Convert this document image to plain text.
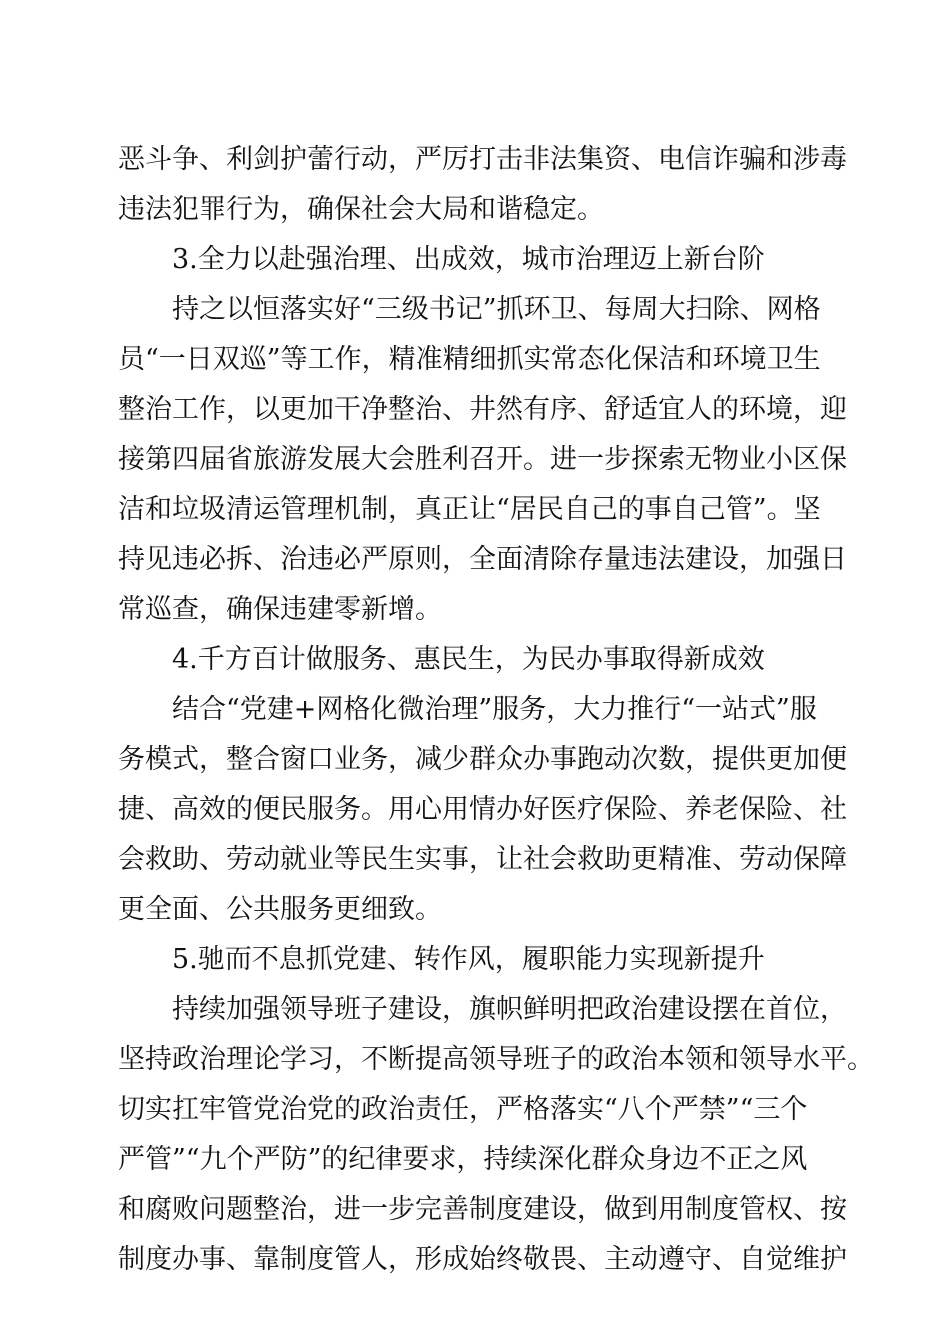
恶斗争、利剑护蕾行动，严厉打击非法集资、电信诈骗和涉毒
违法犯罪行为，确保社会大局和谐稳定。
3.全力以赴强治理、出成效，城市治理迈上新台阶
持之以恒落实好“三级书记”抓环卫、每周大扫除、网格
员“一日双巡”等工作，精准精细抓实常态化保洁和环境卫生
整治工作，以更加干净整治、井然有序、舒适宜人的环境，迎
接第四届省旅游发展大会胜利召开。进一步探索无物业小区保
洁和垃圾清运管理机制，真正让“居民自己的事自己管”。坚
持见违必拆、治违必严原则，全面清除存量违法建设，加强日
常巡查，确保违建零新增。
4.千方百计做服务、惠民生，为民办事取得新成效
结合“党建+网格化微治理”服务，大力推行“一站式”服
务模式，整合窗口业务，减少群众办事跑动次数，提供更加便
捷、高效的便民服务。用心用情办好医疗保险、养老保险、社
会救助、劳动就业等民生实事，让社会救助更精准、劳动保障
更全面、公共服务更细致。
5.驰而不息抓党建、转作风，履职能力实现新提升
持续加强领导班子建设，旗帜鲜明把政治建设摆在首位，
坚持政治理论学习，不断提高领导班子的政治本领和领导水平。
切实扛牢管党治党的政治责任，严格落实“八个严禁”“三个
严管”“九个严防”的纪律要求，持续深化群众身边不正之风
和腐败问题整治，进一步完善制度建设，做到用制度管权、按
制度办事、靠制度管人，形成始终敬畏、主动遵守、自觉维护
